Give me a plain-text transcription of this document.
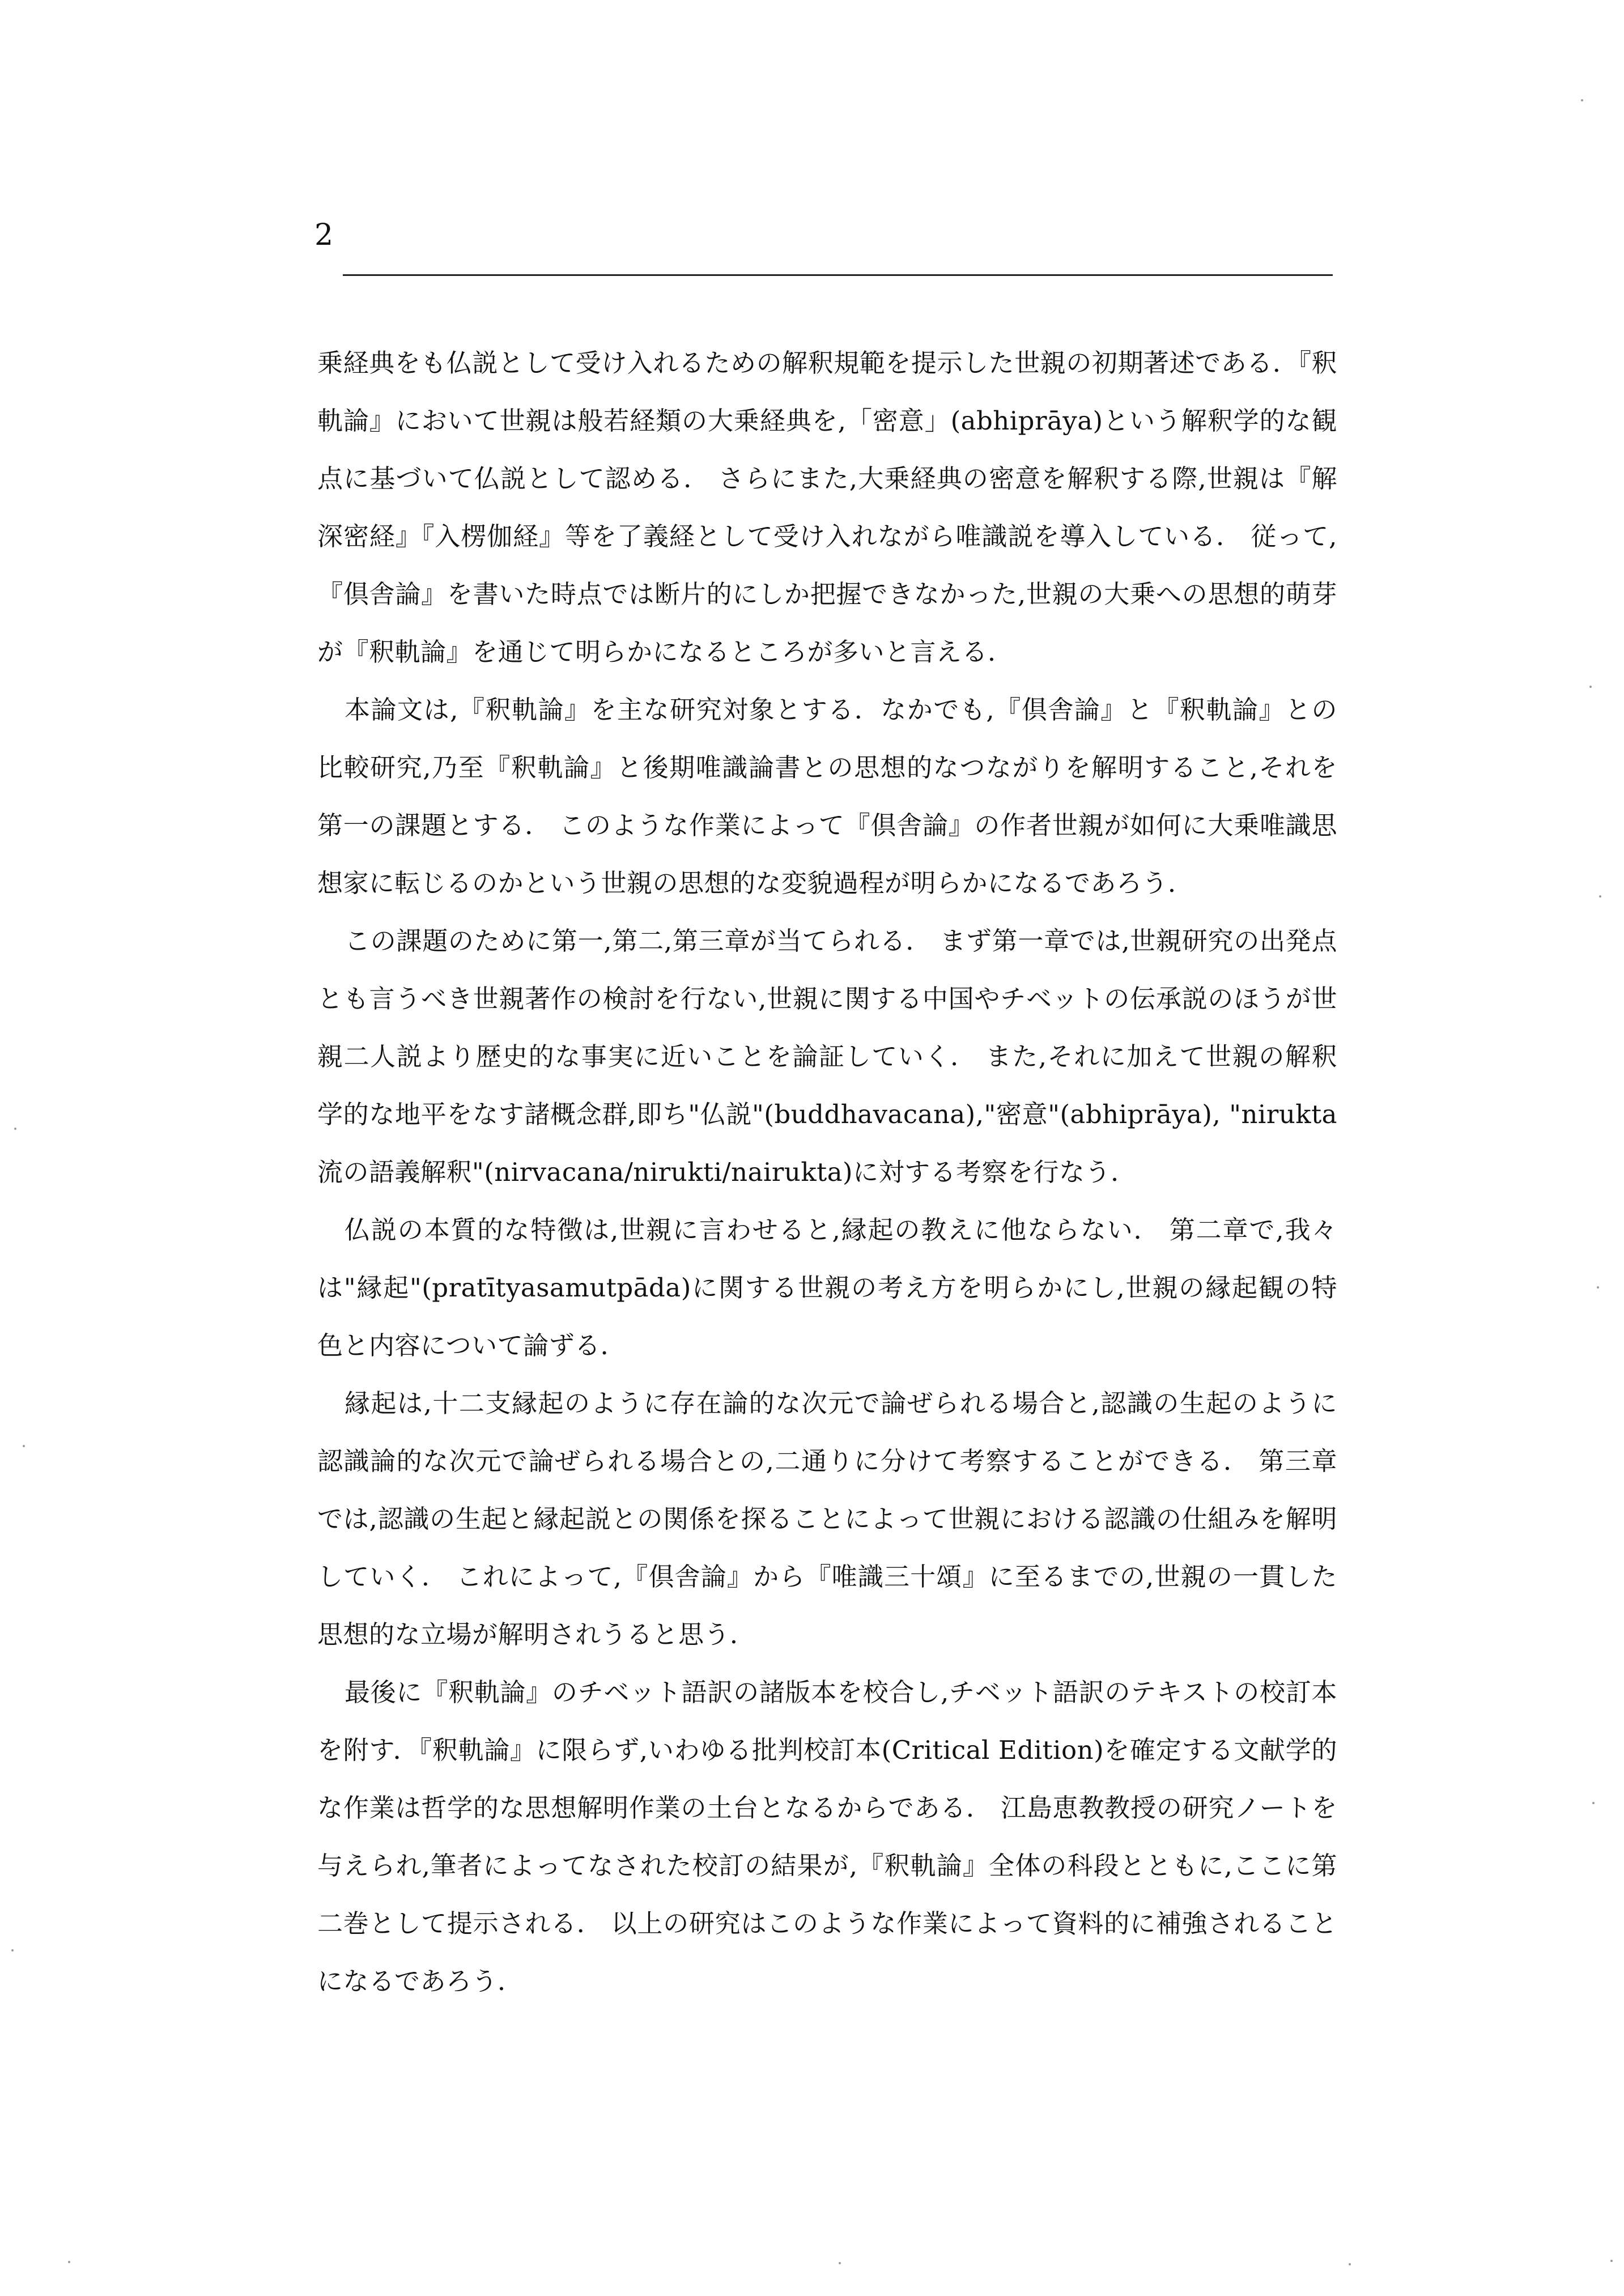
2

乗経典をも仏説として受け入れるための解釈規範を提示した世親の初期著述である．『釈軌論』において世親は般若経類の大乗経典を,「密意」(abhiprāya)という解釈学的な観点に基づいて仏説として認める． さらにまた,大乗経典の密意を解釈する際,世親は『解深密経』『入楞伽経』等を了義経として受け入れながら唯識説を導入している． 従って,『倶舎論』を書いた時点では断片的にしか把握できなかった,世親の大乗への思想的萌芽が『釈軌論』を通じて明らかになるところが多いと言える．

本論文は,『釈軌論』を主な研究対象とする．なかでも,『倶舎論』と『釈軌論』との比較研究,乃至『釈軌論』と後期唯識論書との思想的なつながりを解明すること,それを第一の課題とする． このような作業によって『倶舎論』の作者世親が如何に大乗唯識思想家に転じるのかという世親の思想的な変貌過程が明らかになるであろう．

この課題のために第一,第二,第三章が当てられる． まず第一章では,世親研究の出発点とも言うべき世親著作の検討を行ない,世親に関する中国やチベットの伝承説のほうが世親二人説より歴史的な事実に近いことを論証していく． また,それに加えて世親の解釈学的な地平をなす諸概念群,即ち"仏説"(buddhavacana),"密意"(abhiprāya), "nirukta流の語義解釈"(nirvacana/nirukti/nairukta)に対する考察を行なう．

仏説の本質的な特徴は,世親に言わせると,縁起の教えに他ならない． 第二章で,我々は"縁起"(pratītyasamutpāda)に関する世親の考え方を明らかにし,世親の縁起観の特色と内容について論ずる．

縁起は,十二支縁起のように存在論的な次元で論ぜられる場合と,認識の生起のように認識論的な次元で論ぜられる場合との,二通りに分けて考察することができる． 第三章では,認識の生起と縁起説との関係を探ることによって世親における認識の仕組みを解明していく． これによって,『倶舎論』から『唯識三十頌』に至るまでの,世親の一貫した思想的な立場が解明されうると思う．

最後に『釈軌論』のチベット語訳の諸版本を校合し,チベット語訳のテキストの校訂本を附す．『釈軌論』に限らず,いわゆる批判校訂本(Critical Edition)を確定する文献学的な作業は哲学的な思想解明作業の土台となるからである． 江島恵教教授の研究ノートを与えられ,筆者によってなされた校訂の結果が,『釈軌論』全体の科段とともに,ここに第二巻として提示される． 以上の研究はこのような作業によって資料的に補強されることになるであろう．
